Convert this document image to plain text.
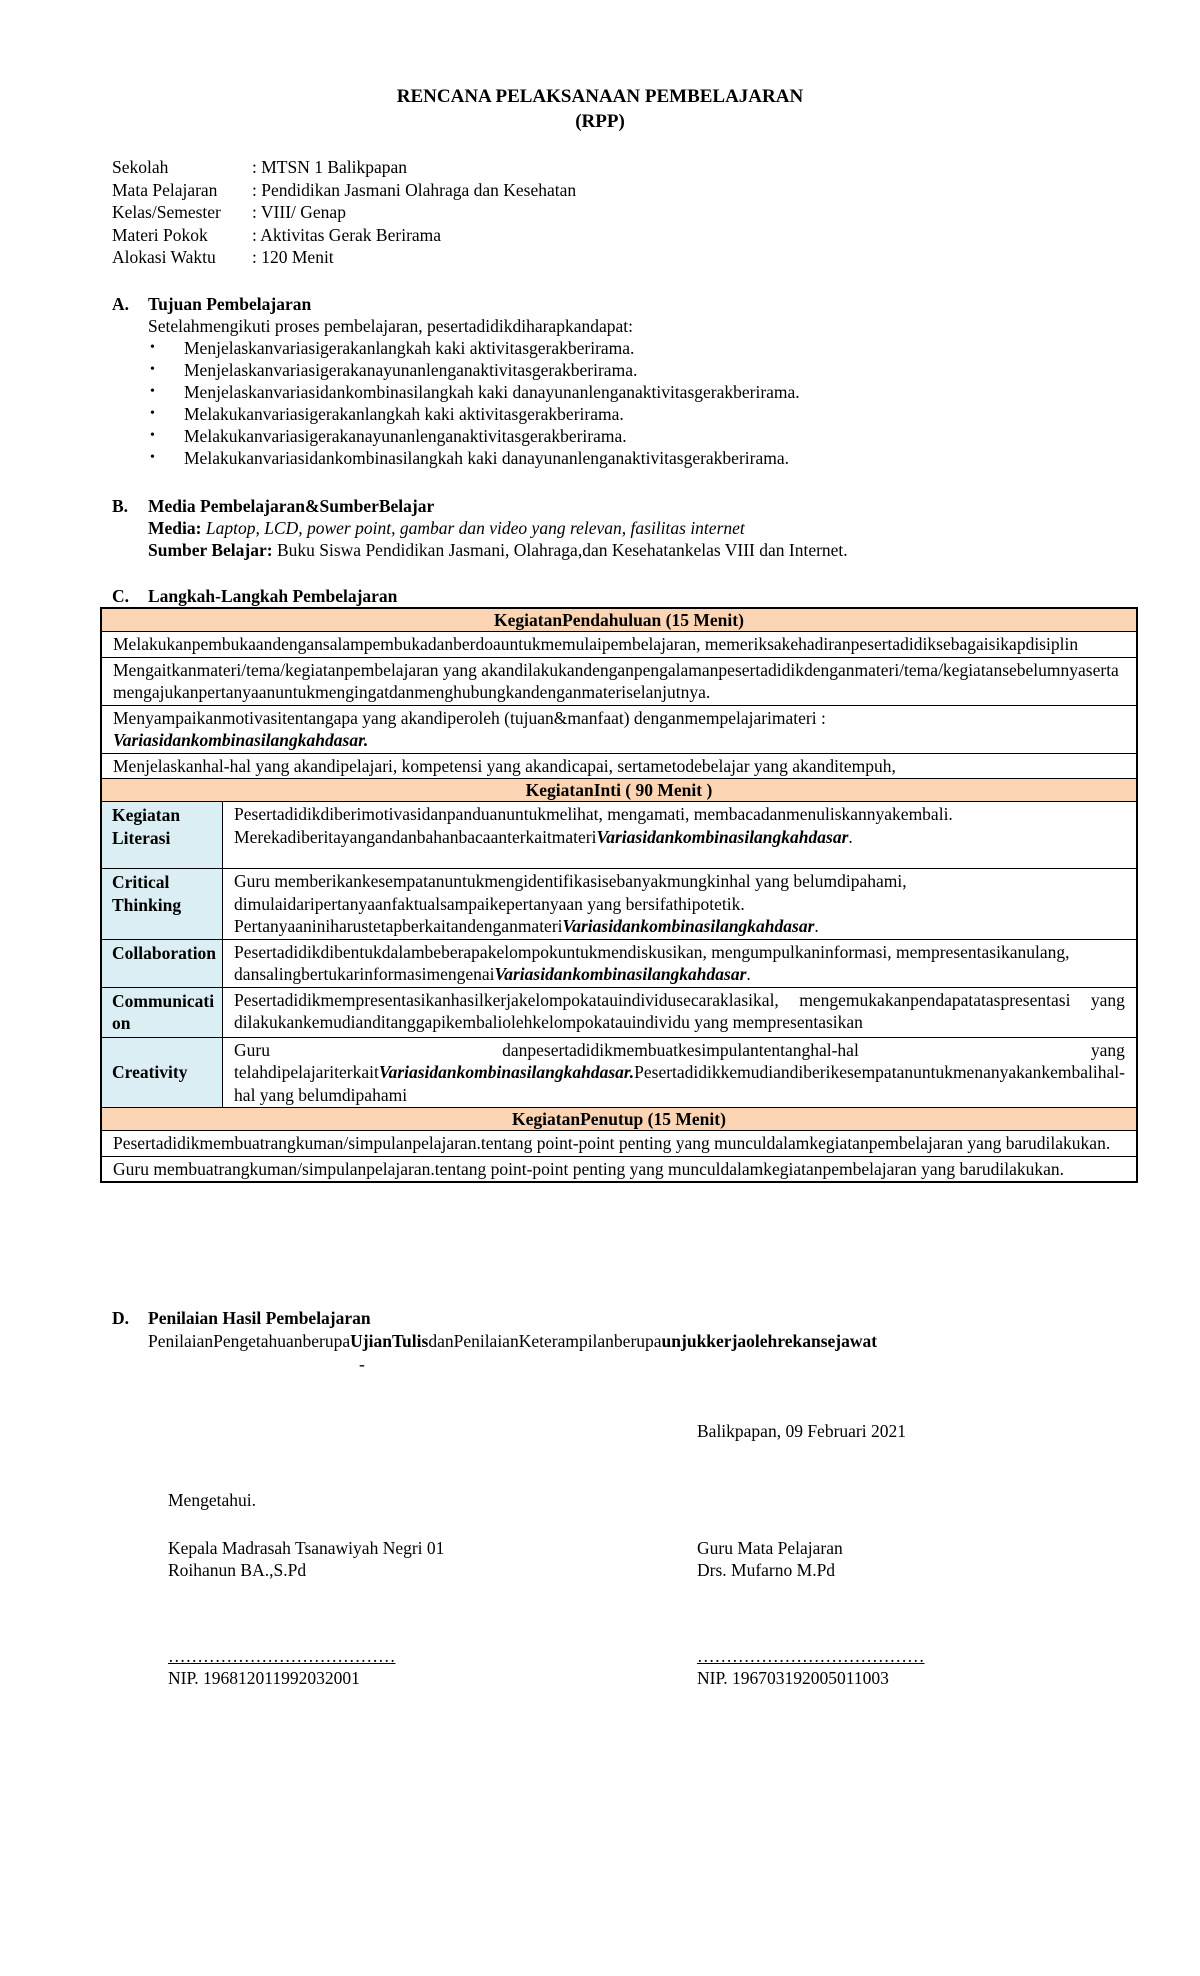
RENCANA PELAKSANAAN PEMBELAJARAN
(RPP)
Sekolah	: MTSN 1 Balikpapan
Mata Pelajaran	: Pendidikan Jasmani Olahraga dan Kesehatan
Kelas/Semester	: VIII/ Genap
Materi Pokok	: Aktivitas Gerak Berirama
Alokasi Waktu	: 120 Menit
A. Tujuan Pembelajaran
Setelahmengikuti proses pembelajaran, pesertadidikdiharapkandapat:
• Menjelaskanvariasigerakanlangkah kaki aktivitasgerakberirama.
• Menjelaskanvariasigerakanayunanlenganaktivitasgerakberirama.
• Menjelaskanvariasidankombinasilangkah kaki danayunanlenganaktivitasgerakberirama.
• Melakukanvariasigerakanlangkah kaki aktivitasgerakberirama.
• Melakukanvariasigerakanayunanlenganaktivitasgerakberirama.
• Melakukanvariasidankombinasilangkah kaki danayunanlenganaktivitasgerakberirama.
B. Media Pembelajaran&SumberBelajar
Media: Laptop, LCD, power point, gambar dan video yang relevan, fasilitas internet
Sumber Belajar: Buku Siswa Pendidikan Jasmani, Olahraga,dan Kesehatankelas VIII dan Internet.
C. Langkah-Langkah Pembelajaran
KegiatanPendahuluan (15 Menit)	
Melakukanpembukaandengansalampembukadanberdoauntukmemulaipembelajaran, memeriksakehadiranpesertadidiksebagaisikapdisiplin	
Mengaitkanmateri/tema/kegiatanpembelajaran yang akandilakukandenganpengalamanpesertadidikdenganmateri/tema/kegiatansebelumnyasertamengajukanpertanyaanuntukmengingatdanmenghubungkandenganmateriselanjutnya.	
Menyampaikanmotivasitentangapa yang akandiperoleh (tujuan&manfaat) denganmempelajarimateri :
Variasidankombinasilangkahdasar.	
Menjelaskanhal-hal yang akandipelajari, kompetensi yang akandicapai, sertametodebelajar yang akanditempuh,	
KegiatanInti ( 90 Menit )	
Kegiatan Literasi	Pesertadidikdiberimotivasidanpanduanuntukmelihat, mengamati, membacadanmenuliskannyakembali. MerekadiberitayangandanbahanbacaanterkaitmateriVariasidankombinasilangkahdasar.
Critical Thinking	Guru memberikankesempatanuntukmengidentifikasisebanyakmungkinhal yang belumdipahami, dimulaidaripertanyaanfaktualsampaikepertanyaan yang bersifathipotetik. PertanyaaniniharustetapberkaitandenganmateriVariasidankombinasilangkahdasar.
Collaboration	Pesertadidikdibentukdalambeberapakelompokuntukmendiskusikan, mengumpulkaninformasi, mempresentasikanulang, dansalingbertukarinformasimengenaiVariasidankombinasilangkahdasar.
Communication	Pesertadidikmempresentasikanhasilkerjakelompokatauindividusecaraklasikal, mengemukakanpendapatataspresentasi yang dilakukankemudianditanggapikembaliolehkelompokatauindividu yang mempresentasikan
Creativity	Guru danpesertadidikmembuatkesimpulantentanghal-hal yang telahdipelajariterkaitVariasidankombinasilangkahdasar.Pesertadidikkemudiandiberikesempatanuntukmenanyakankembalihal-hal yang belumdipahami
KegiatanPenutup (15 Menit)	
Pesertadidikmembuatrangkuman/simpulanpelajaran.tentang point-point penting yang munculdalamkegiatanpembelajaran yang barudilakukan.	
Guru membuatrangkuman/simpulanpelajaran.tentang point-point penting yang munculdalamkegiatanpembelajaran yang barudilakukan.	
D. Penilaian Hasil Pembelajaran
PenilaianPengetahuanberupaUjianTulisdanPenilaianKeterampilanberupaunjukkerjaolehrekansejawat
-
Balikpapan, 09 Februari 2021
Mengetahui.
Kepala Madrasah Tsanawiyah Negri 01
Roihanun BA.,S.Pd
…………………………………
NIP. 196812011992032001
Guru Mata Pelajaran
Drs. Mufarno M.Pd
…………………………………
NIP. 196703192005011003
